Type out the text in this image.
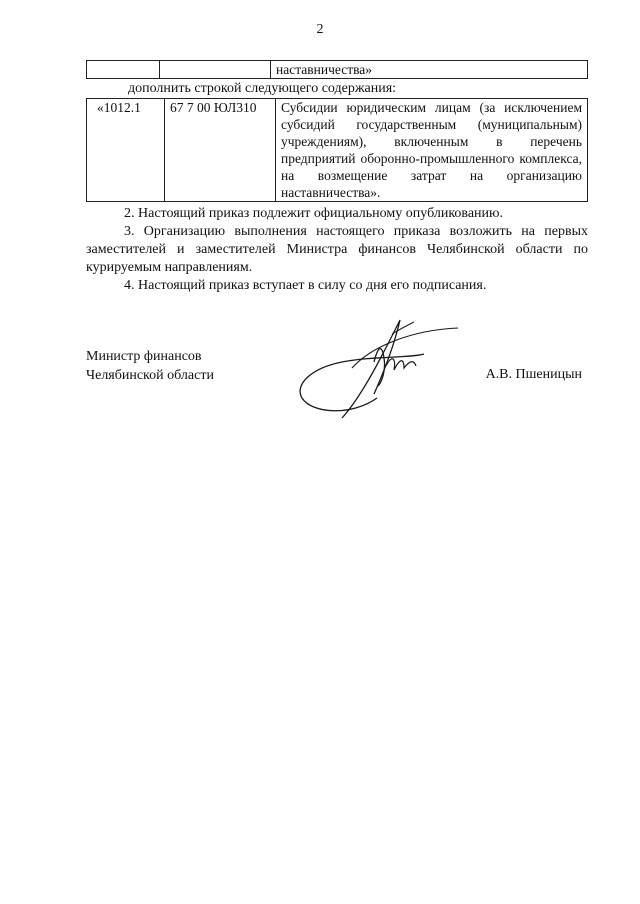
2
		наставничества»
дополнить строкой следующего содержания:
«1012.1	67 7 00 ЮЛ310	Субсидии юридическим лицам (за исключением субсидий государственным (муниципальным) учреждениям), включенным в перечень предприятий оборонно-промышленного комплекса, на возмещение затрат на организацию наставничества».
2. Настоящий приказ подлежит официальному опубликованию.
3. Организацию выполнения настоящего приказа возложить на первых заместителей и заместителей Министра финансов Челябинской области по курируемым направлениям.
4. Настоящий приказ вступает в силу со дня его подписания.
Министр финансов
Челябинской области	А.В. Пшеницын
